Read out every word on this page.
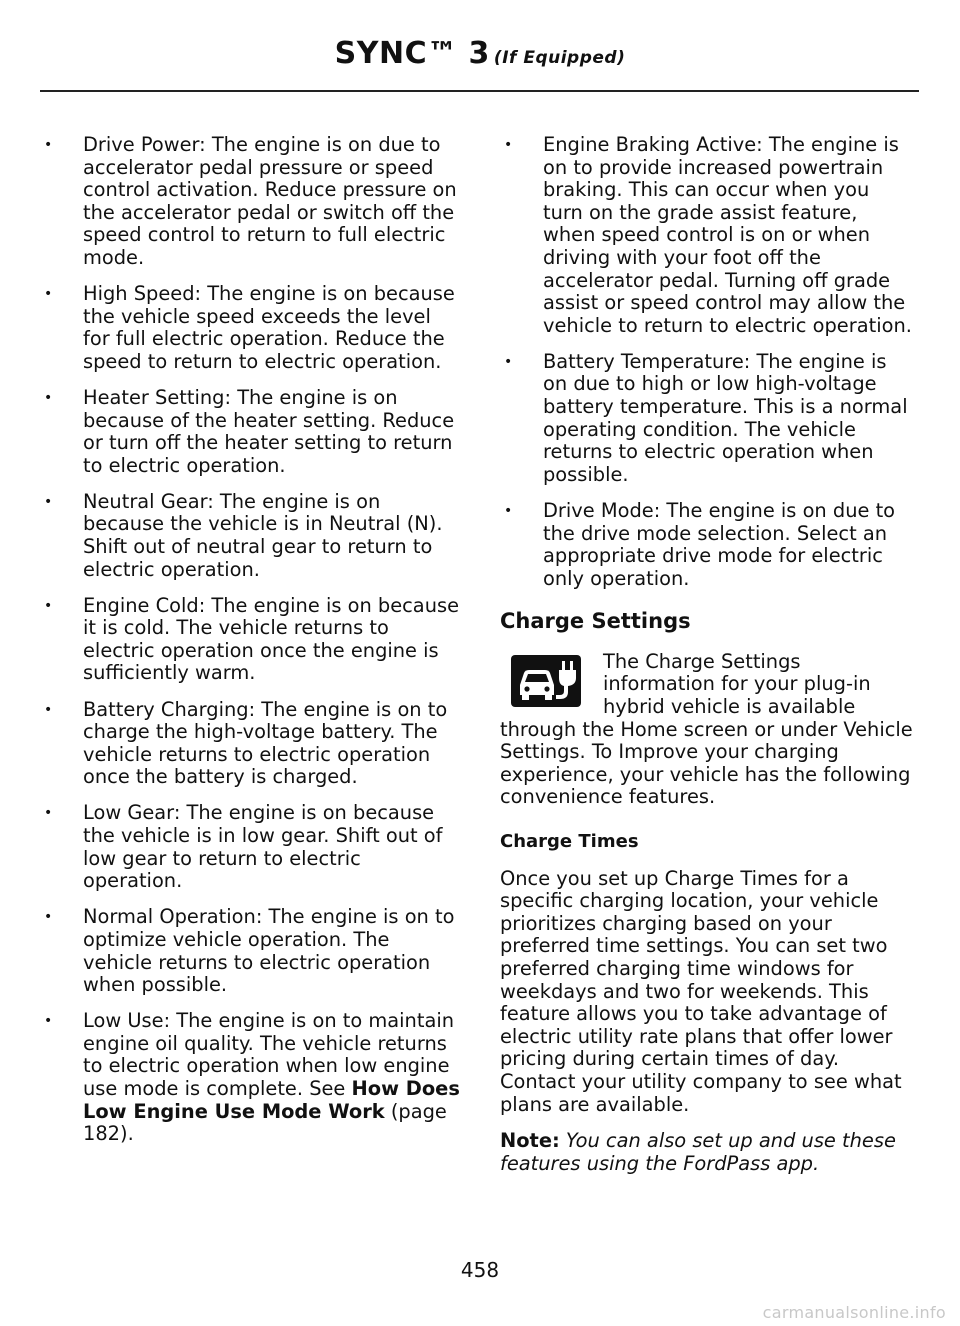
SYNC™ 3 (If Equipped)
• Drive Power: The engine is on due to accelerator pedal pressure or speed control activation. Reduce pressure on the accelerator pedal or switch off the speed control to return to full electric mode.
• High Speed: The engine is on because the vehicle speed exceeds the level for full electric operation. Reduce the speed to return to electric operation.
• Heater Setting: The engine is on because of the heater setting. Reduce or turn off the heater setting to return to electric operation.
• Neutral Gear: The engine is on because the vehicle is in Neutral (N). Shift out of neutral gear to return to electric operation.
• Engine Cold: The engine is on because it is cold. The vehicle returns to electric operation once the engine is sufficiently warm.
• Battery Charging: The engine is on to charge the high-voltage battery. The vehicle returns to electric operation once the battery is charged.
• Low Gear: The engine is on because the vehicle is in low gear. Shift out of low gear to return to electric operation.
• Normal Operation: The engine is on to optimize vehicle operation. The vehicle returns to electric operation when possible.
• Low Use: The engine is on to maintain engine oil quality. The vehicle returns to electric operation when low engine use mode is complete. See How Does Low Engine Use Mode Work (page 182).
• Engine Braking Active: The engine is on to provide increased powertrain braking. This can occur when you turn on the grade assist feature, when speed control is on or when driving with your foot off the accelerator pedal. Turning off grade assist or speed control may allow the vehicle to return to electric operation.
• Battery Temperature: The engine is on due to high or low high-voltage battery temperature. This is a normal operating condition. The vehicle returns to electric operation when possible.
• Drive Mode: The engine is on due to the drive mode selection. Select an appropriate drive mode for electric only operation.
Charge Settings

The Charge Settings information for your plug-in hybrid vehicle is available through the Home screen or under Vehicle Settings. To Improve your charging experience, your vehicle has the following convenience features.

Charge Times

Once you set up Charge Times for a specific charging location, your vehicle prioritizes charging based on your preferred time settings. You can set two preferred charging time windows for weekdays and two for weekends. This feature allows you to take advantage of electric utility rate plans that offer lower pricing during certain times of day. Contact your utility company to see what plans are available.

Note: You can also set up and use these features using the FordPass app.

458
carmanualsonline.info
